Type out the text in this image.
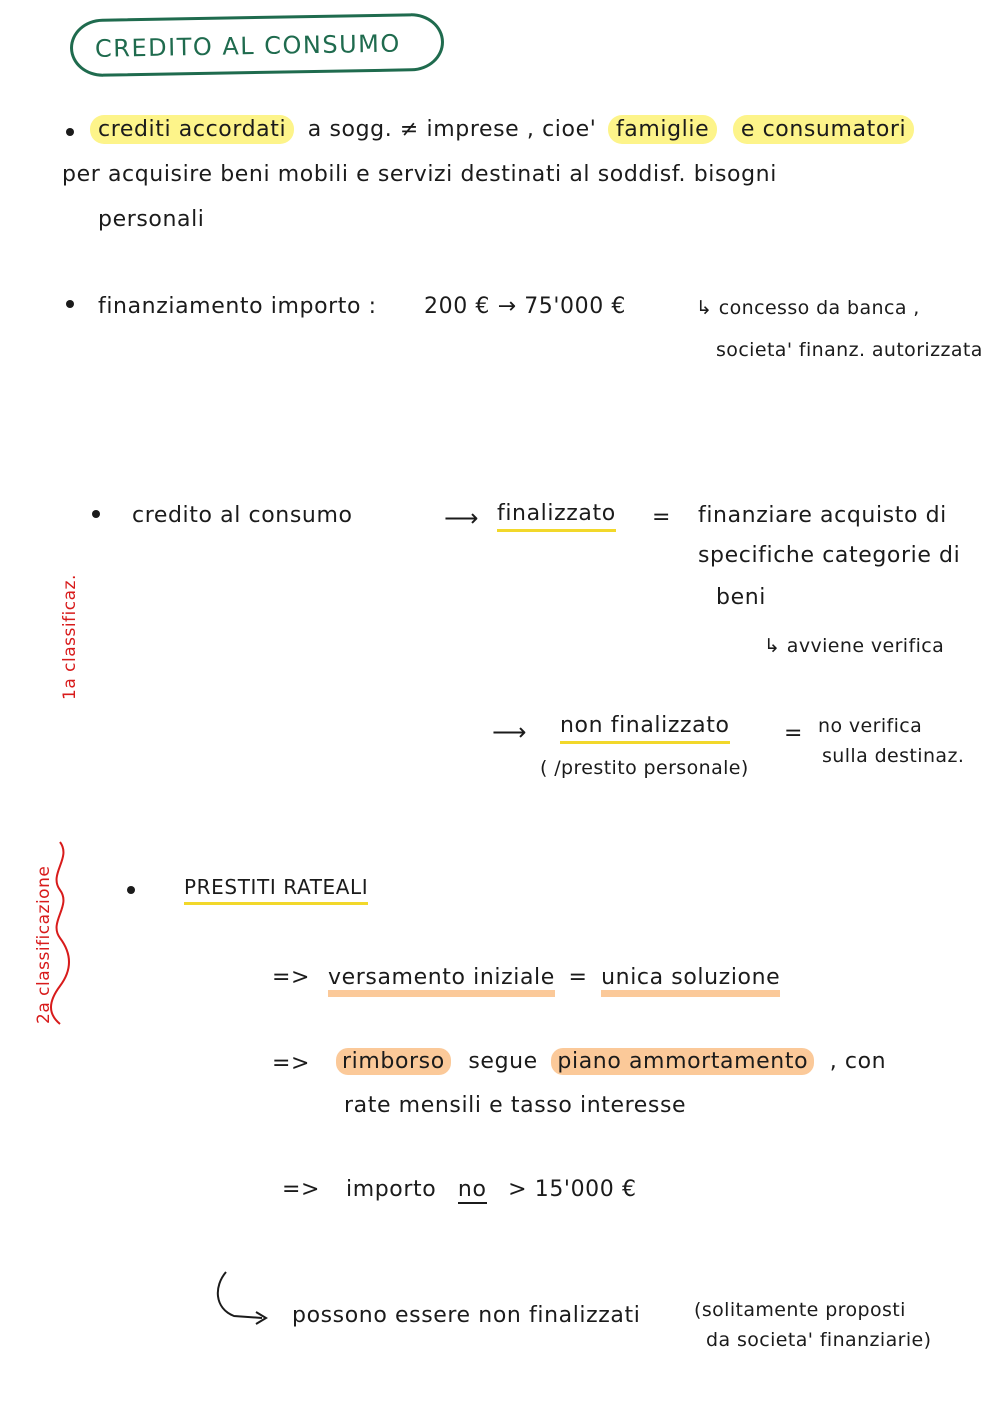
CREDITO AL CONSUMO
crediti accordati a sogg. ≠ imprese , cioe' famiglie e consumatori
per acquisire beni mobili e servizi destinati al soddisf. bisogni
personali
finanziamento importo : 200 € → 75'000 €	↳ concesso da banca ,
societa' finanz. autorizzata
1a classificaz.
credito al consumo	⟶ finalizzato = finanziare acquisto di
specifiche categorie di
beni
↳ avviene verifica
⟶ non finalizzato =
( /prestito personale)
no verifica
sulla destinaz.
2a classificazione	PRESTITI RATEALI
=> versamento iniziale = unica soluzione
=> rimborso segue piano ammortamento , con
rate mensili e tasso interesse
=> importo no > 15'000 €
possono essere non finalizzati	(solitamente proposti
da societa' finanziarie)
